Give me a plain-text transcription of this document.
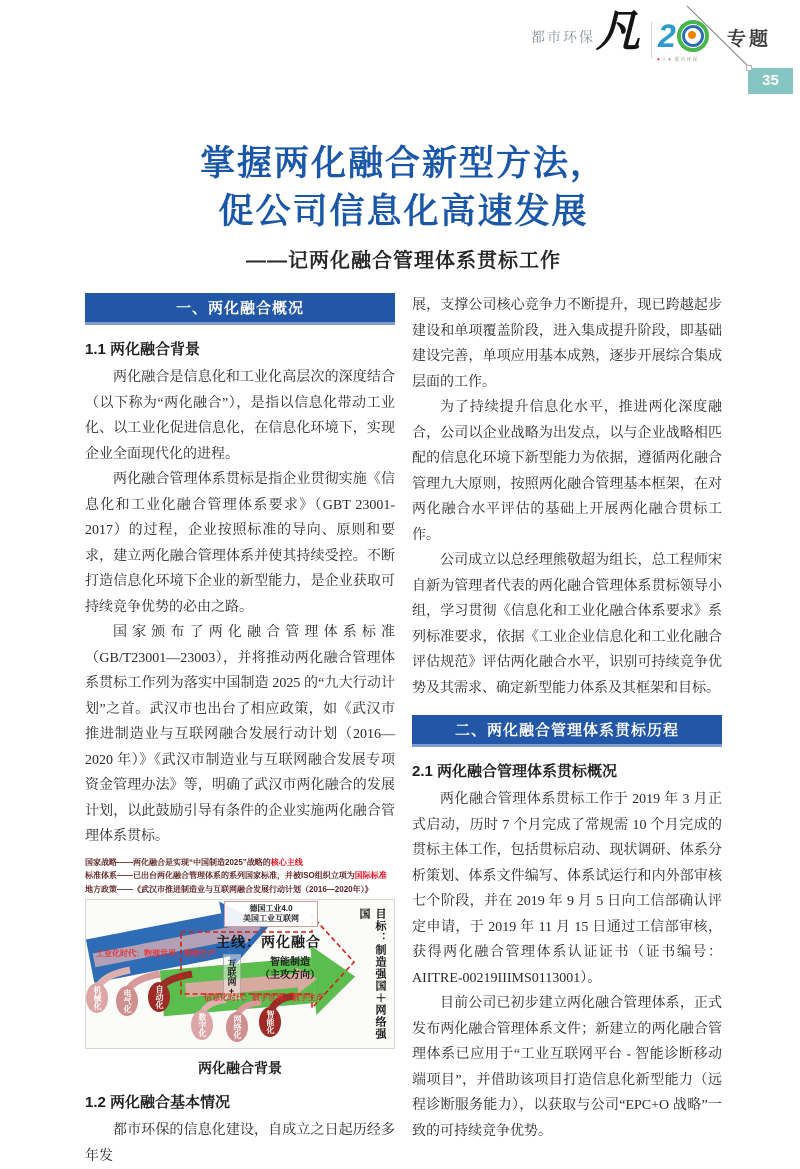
都市环保 凡 2
♥ I ♥ 都市环保
专题
35
掌握两化融合新型方法，
促公司信息化高速发展
——记两化融合管理体系贯标工作
一、两化融合概况
1.1 两化融合背景

两化融合是信息化和工业化高层次的深度结合（以下称为“两化融合”），是指以信息化带动工业化、以工业化促进信息化，在信息化环境下，实现企业全面现代化的进程。

两化融合管理体系贯标是指企业贯彻实施《信息化和工业化融合管理体系要求》（GBT 23001-2017）的过程，企业按照标准的导向、原则和要求，建立两化融合管理体系并使其持续受控。不断打造信息化环境下企业的新型能力，是企业获取可持续竞争优势的必由之路。

国家颁布了两化融合管理体系标准（GB/T23001—23003），并将推动两化融合管理体系贯标工作列为落实中国制造 2025 的“九大行动计划”之首。武汉市也出台了相应政策，如《武汉市推进制造业与互联网融合发展行动计划（2016—2020 年）》《武汉市制造业与互联网融合发展专项资金管理办法》等，明确了武汉市两化融合的发展计划，以此鼓励引导有条件的企业实施两化融合管理体系贯标。

国家战略——两化融合是实现“中国制造2025”战略的核心主线
标准体系——已出台两化融合管理体系的系列国家标准，并被ISO组织立项为国际标准
地方政策——《武汉市推进制造业与互联网融合发展行动计划（2016—2020年）》
德国工业4.0
美国工业互联网
主线：两化融合
工业化时代：物理世界、物理生产
互联网+	智能制造
（主攻方向）
信息化时代：数字世界、数字生产	目标：制造强国＋网络强国
机械化	电气化	自动化
数字化	网络化	智能化
两化融合背景
1.2 两化融合基本情况

都市环保的信息化建设，自成立之日起历经多年发

展，支撑公司核心竞争力不断提升，现已跨越起步建设和单项覆盖阶段，进入集成提升阶段，即基础建设完善，单项应用基本成熟，逐步开展综合集成层面的工作。

为了持续提升信息化水平，推进两化深度融合，公司以企业战略为出发点，以与企业战略相匹配的信息化环境下新型能力为依据，遵循两化融合管理九大原则，按照两化融合管理基本框架，在对两化融合水平评估的基础上开展两化融合贯标工作。

公司成立以总经理熊敬超为组长，总工程师宋自新为管理者代表的两化融合管理体系贯标领导小组，学习贯彻《信息化和工业化融合体系要求》系列标准要求，依据《工业企业信息化和工业化融合评估规范》评估两化融合水平，识别可持续竞争优势及其需求、确定新型能力体系及其框架和目标。

二、两化融合管理体系贯标历程
2.1 两化融合管理体系贯标概况

两化融合管理体系贯标工作于 2019 年 3 月正式启动，历时 7 个月完成了常规需 10 个月完成的贯标主体工作，包括贯标启动、现状调研、体系分析策划、体系文件编写、体系试运行和内外部审核七个阶段，并在 2019 年 9 月 5 日向工信部确认评定申请，于 2019 年 11 月 15 日通过工信部审核，获得两化融合管理体系认证证书（证书编号：AIITRE-00219IIIMS0113001）。

目前公司已初步建立两化融合管理体系，正式发布两化融合管理体系文件；新建立的两化融合管理体系已应用于“工业互联网平台 - 智能诊断移动端项目”，并借助该项目打造信息化新型能力（远程诊断服务能力），以获取与公司“EPC+O 战略”一致的可持续竞争优势。
